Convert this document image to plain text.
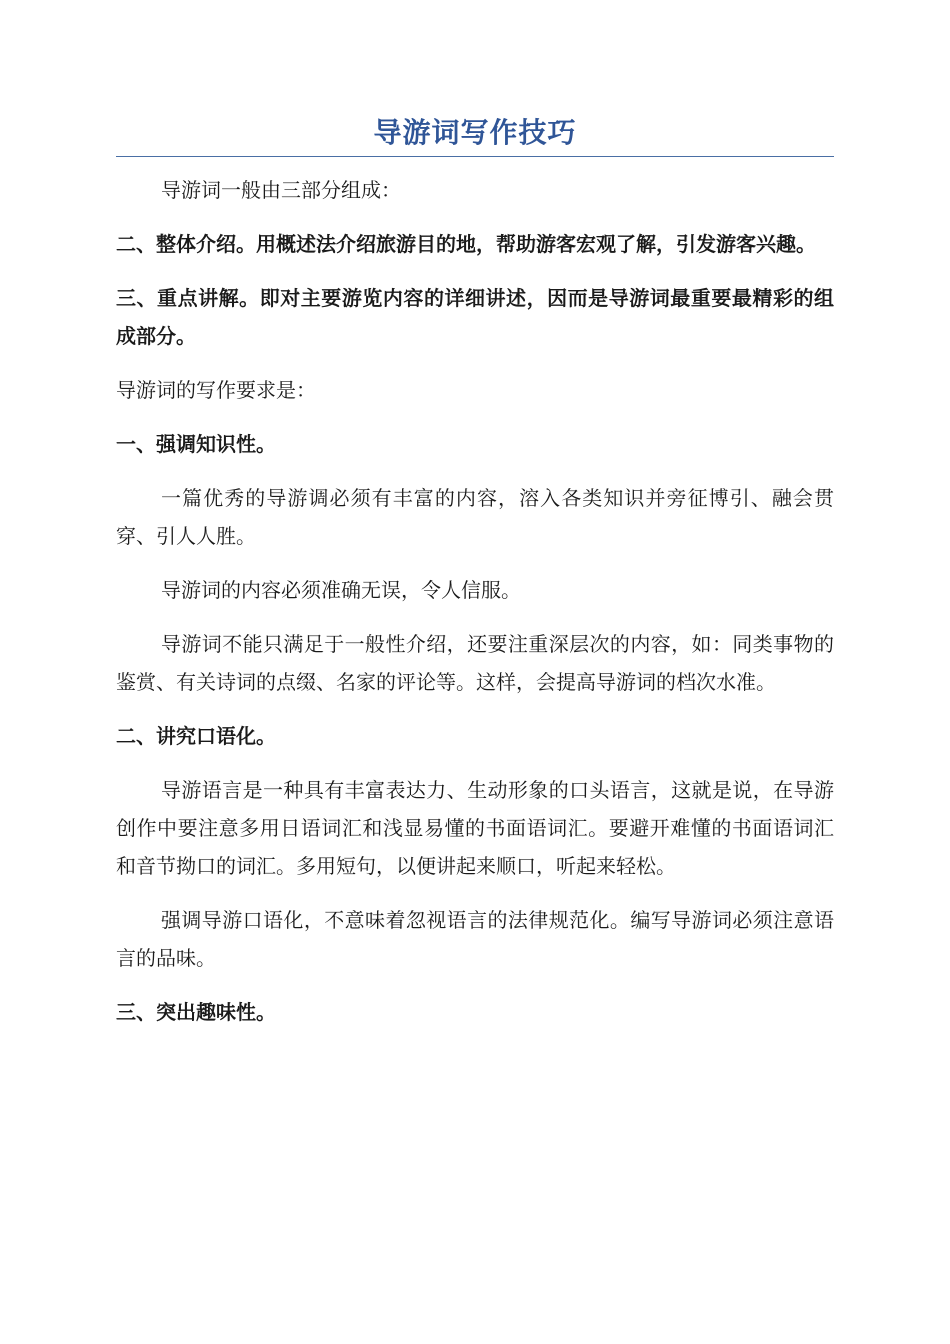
导游词写作技巧

导游词一般由三部分组成：

二、整体介绍。用概述法介绍旅游目的地，帮助游客宏观了解，引发游客兴趣。

三、重点讲解。即对主要游览内容的详细讲述，因而是导游词最重要最精彩的组成部分。

导游词的写作要求是：

一、强调知识性。

一篇优秀的导游调必须有丰富的内容，溶入各类知识并旁征博引、融会贯穿、引人人胜。

导游词的内容必须准确无误，令人信服。

导游词不能只满足于一般性介绍，还要注重深层次的内容，如：同类事物的鉴赏、有关诗词的点缀、名家的评论等。这样，会提高导游词的档次水准。

二、讲究口语化。

导游语言是一种具有丰富表达力、生动形象的口头语言，这就是说，在导游创作中要注意多用日语词汇和浅显易懂的书面语词汇。要避开难懂的书面语词汇和音节拗口的词汇。多用短句，以便讲起来顺口，听起来轻松。

强调导游口语化，不意味着忽视语言的法律规范化。编写导游词必须注意语言的品味。

三、突出趣味性。
